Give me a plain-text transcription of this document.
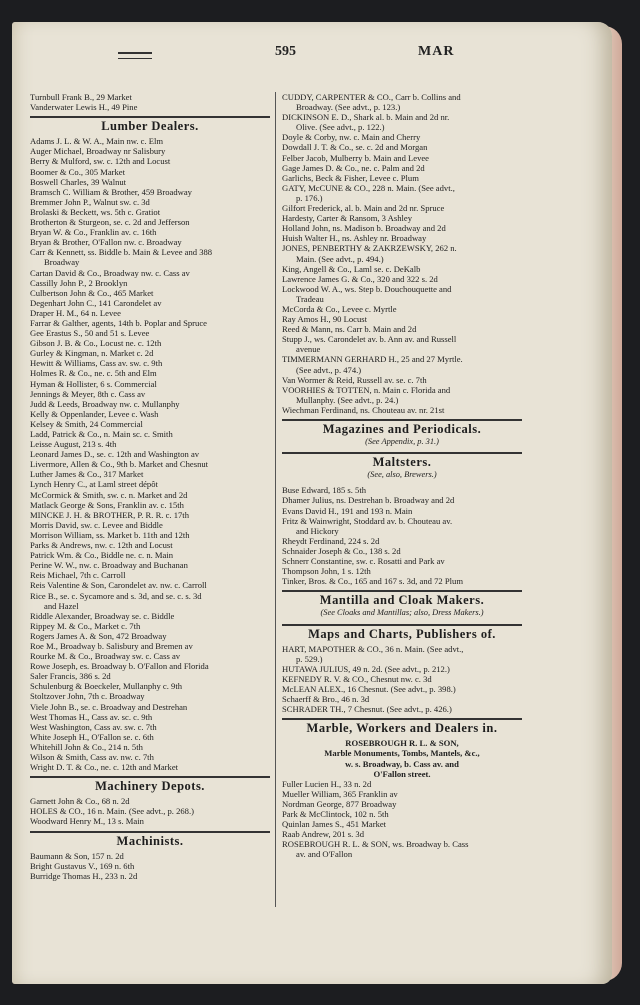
595	MAR
Turnbull Frank B., 29 Market
Vanderwater Lewis H., 49 Pine
Lumber Dealers.
Adams J. L. & W. A., Main nw. c. Elm
Auger Michael, Broadway nr Salisbury
Berry & Mulford, sw. c. 12th and Locust
Boomer & Co., 305 Market
Boswell Charles, 39 Walnut
Bramsch C. William & Brother, 459 Broadway
Bremmer John P., Walnut sw. c. 3d
Brolaski & Beckett, ws. 5th c. Gratiot
Brotherton & Sturgeon, se. c. 2d and Jefferson
Bryan W. & Co., Franklin av. c. 16th
Bryan & Brother, O'Fallon nw. c. Broadway
Carr & Kennett, ss. Biddle b. Main & Levee and 388
Broadway
Cartan David & Co., Broadway nw. c. Cass av
Cassilly John P., 2 Brooklyn
Culbertson John & Co., 465 Market
Degenhart John C., 141 Carondelet av
Draper H. M., 64 n. Levee
Farrar & Galther, agents, 14th b. Poplar and Spruce
Gee Erastus S., 50 and 51 s. Levee
Gibson J. B. & Co., Locust ne. c. 12th
Gurley & Kingman, n. Market c. 2d
Hewitt & Williams, Cass av. sw. c. 9th
Holmes R. & Co., ne. c. 5th and Elm
Hyman & Hollister, 6 s. Commercial
Jennings & Meyer, 8th c. Cass av
Judd & Leeds, Broadway nw. c. Mullanphy
Kelly & Oppenlander, Levee c. Wash
Kelsey & Smith, 24 Commercial
Ladd, Patrick & Co., n. Main sc. c. Smith
Leisse August, 213 s. 4th
Leonard James D., se. c. 12th and Washington av
Livermore, Allen & Co., 9th b. Market and Chesnut
Luther James & Co., 317 Market
Lynch Henry C., at Laml street dépôt
McCormick & Smith, sw. c. n. Market and 2d
Matlack George & Sons, Franklin av. c. 15th
MINCKE J. H. & BROTHER, P. R. R. c. 17th
Morris David, sw. c. Levee and Biddle
Morrison William, ss. Market b. 11th and 12th
Parks & Andrews, nw. c. 12th and Locust
Patrick Wm. & Co., Biddle ne. c. n. Main
Perine W. W., nw. c. Broadway and Buchanan
Reis Michael, 7th c. Carroll
Reis Valentine & Son, Carondelet av. nw. c. Carroll
Rice B., se. c. Sycamore and s. 3d, and se. c. s. 3d
and Hazel
Riddle Alexander, Broadway se. c. Biddle
Rippey M. & Co., Market c. 7th
Rogers James A. & Son, 472 Broadway
Roe M., Broadway b. Salisbury and Bremen av
Rourke M. & Co., Broadway sw. c. Cass av
Rowe Joseph, es. Broadway b. O'Fallon and Florida
Saler Francis, 386 s. 2d
Schulenburg & Boeckeler, Mullanphy c. 9th
Stoltzover John, 7th c. Broadway
Viele John B., se. c. Broadway and Destrehan
West Thomas H., Cass av. sc. c. 9th
West Washington, Cass av. sw. c. 7th
White Joseph H., O'Fallon se. c. 6th
Whitehill John & Co., 214 n. 5th
Wilson & Smith, Cass av. nw. c. 7th
Wright D. T. & Co., ne. c. 12th and Market
Machinery Depots.
Garnett John & Co., 68 n. 2d
HOLES & CO., 16 n. Main. (See advt., p. 268.)
Woodward Henry M., 13 s. Main
Machinists.
Baumann & Son, 157 n. 2d
Bright Gustavus V., 169 n. 6th
Burridge Thomas H., 233 n. 2d
CUDDY, CARPENTER & CO., Carr b. Collins and
Broadway. (See advt., p. 123.)
DICKINSON E. D., Shark al. b. Main and 2d nr.
Olive. (See advt., p. 122.)
Doyle & Corby, nw. c. Main and Cherry
Dowdall J. T. & Co., se. c. 2d and Morgan
Felber Jacob, Mulberry b. Main and Levee
Gage James D. & Co., ne. c. Palm and 2d
Garlichs, Beck & Fisher, Levee c. Plum
GATY, McCUNE & CO., 228 n. Main. (See advt.,
p. 176.)
Gilfort Frederick, al. b. Main and 2d nr. Spruce
Hardesty, Carter & Ransom, 3 Ashley
Holland John, ns. Madison b. Broadway and 2d
Huish Walter H., ns. Ashley nr. Broadway
JONES, PENBERTHY & ZAKRZEWSKY, 262 n.
Main. (See advt., p. 494.)
King, Angell & Co., Laml se. c. DeKalb
Lawrence James G. & Co., 320 and 322 s. 2d
Lockwood W. A., ws. Step b. Douchouquette and
Tradeau
McCorda & Co., Levee c. Myrtle
Ray Amos H., 90 Locust
Reed & Mann, ns. Carr b. Main and 2d
Stupp J., ws. Carondelet av. b. Ann av. and Russell
avenue
TIMMERMANN GERHARD H., 25 and 27 Myrtle.
(See advt., p. 474.)
Van Wormer & Reid, Russell av. se. c. 7th
VOORHIES & TOTTEN, n. Main c. Florida and
Mullanphy. (See advt., p. 24.)
Wiechman Ferdinand, ns. Chouteau av. nr. 21st
Magazines and Periodicals.
(See Appendix, p. 31.)
Maltsters.
(See, also, Brewers.)
Buse Edward, 185 s. 5th
Dhamer Julius, ns. Destrehan b. Broadway and 2d
Evans David H., 191 and 193 n. Main
Fritz & Wainwright, Stoddard av. b. Chouteau av.
and Hickory
Rheydt Ferdinand, 224 s. 2d
Schnaider Joseph & Co., 138 s. 2d
Schnerr Constantine, sw. c. Rosatti and Park av
Thompson John, 1 s. 12th
Tinker, Bros. & Co., 165 and 167 s. 3d, and 72 Plum
Mantilla and Cloak Makers.
(See Cloaks and Mantillas; also, Dress Makers.)
Maps and Charts, Publishers of.
HART, MAPOTHER & CO., 36 n. Main. (See advt.,
p. 529.)
HUTAWA JULIUS, 49 n. 2d. (See advt., p. 212.)
KEFNEDY R. V. & CO., Chesnut nw. c. 3d
McLEAN ALEX., 16 Chesnut. (See advt., p. 398.)
Schaerff & Bro., 46 n. 3d
SCHRADER TH., 7 Chesnut. (See advt., p. 426.)
Marble, Workers and Dealers in.
ROSEBROUGH R. L. & SON,
Marble Monuments, Tombs, Mantels, &c.,
w. s. Broadway, b. Cass av. and
O'Fallon street.
Fuller Lucien H., 33 n. 2d
Mueller William, 365 Franklin av
Nordman George, 877 Broadway
Park & McClintock, 102 n. 5th
Quinlan James S., 451 Market
Raab Andrew, 201 s. 3d
ROSEBROUGH R. L. & SON, ws. Broadway b. Cass
av. and O'Fallon
